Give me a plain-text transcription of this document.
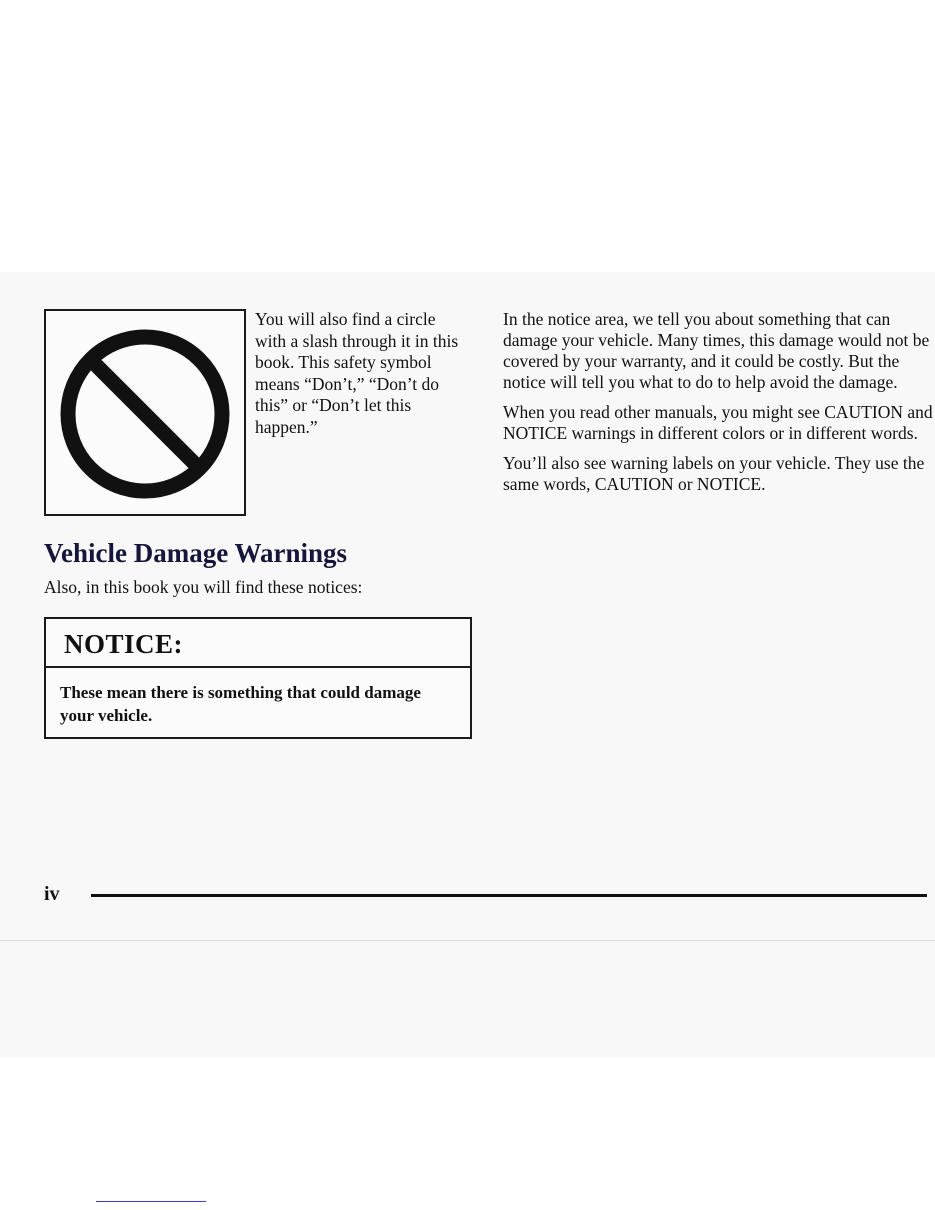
You will also find a circle with a slash through it in this book. This safety symbol means “Don’t,” “Don’t do this” or “Don’t let this happen.”
Vehicle Damage Warnings
Also, in this book you will find these notices:
NOTICE:
These mean there is something that could damage your vehicle.

In the notice area, we tell you about something that can damage your vehicle. Many times, this damage would not be covered by your warranty, and it could be costly. But the notice will tell you what to do to help avoid the damage.

When you read other manuals, you might see CAUTION and NOTICE warnings in different colors or in different words.

You’ll also see warning labels on your vehicle. They use the same words, CAUTION or NOTICE.

iv
